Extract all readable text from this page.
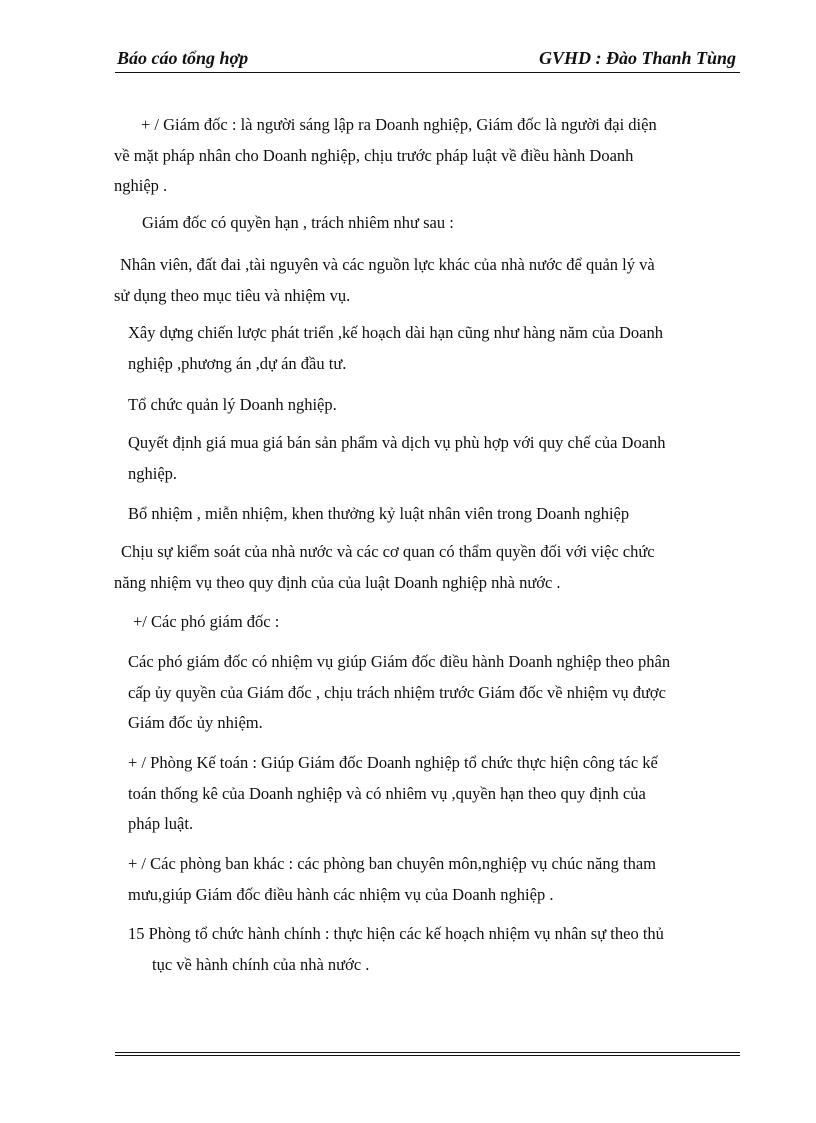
Báo cáo tổng hợp	GVHD : Đào Thanh Tùng

+ / Giám đốc : là người sáng lập ra Doanh nghiệp, Giám đốc là người đại diện
về mặt pháp nhân cho Doanh nghiệp, chịu trước pháp luật về điều hành Doanh
nghiệp .

Giám đốc có quyền hạn , trách nhiêm như sau :

Nhân viên, đất đai ,tài nguyên và các nguồn lực khác của nhà nước để quản lý và
sử dụng theo mục tiêu và nhiệm vụ.

Xây dựng chiến lược phát triển ,kế hoạch dài hạn cũng như hàng năm của Doanh
nghiệp ,phương án ,dự án đầu tư.

Tổ chức quản lý Doanh nghiệp.

Quyết định giá mua giá bán sản phẩm và dịch vụ phù hợp với quy chế của Doanh
nghiệp.

Bổ nhiệm , miễn nhiệm, khen thưởng kỷ luật nhân viên trong Doanh nghiệp

Chịu sự kiểm soát của nhà nước và các cơ quan có thẩm quyền đối với việc chức
năng nhiệm vụ theo quy định của của luật Doanh nghiệp nhà nước .

+/ Các phó giám đốc :

Các phó giám đốc có nhiệm vụ giúp Giám đốc điều hành Doanh nghiệp theo phân
cấp ủy quyền của Giám đốc , chịu trách nhiệm trước Giám đốc về nhiệm vụ được
Giám đốc ủy nhiệm.

+ / Phòng Kế toán : Giúp Giám đốc Doanh nghiệp tổ chức thực hiện công tác kế
toán thống kê của Doanh nghiệp và có nhiêm vụ ,quyền hạn theo quy định của
pháp luật.

+ / Các phòng ban khác : các phòng ban chuyên môn,nghiệp vụ chúc năng tham
mưu,giúp Giám đốc điều hành các nhiệm vụ của Doanh nghiệp .

15 Phòng tổ chức hành chính : thực hiện các kế hoạch nhiệm vụ nhân sự theo thủ
tục về hành chính của nhà nước .
